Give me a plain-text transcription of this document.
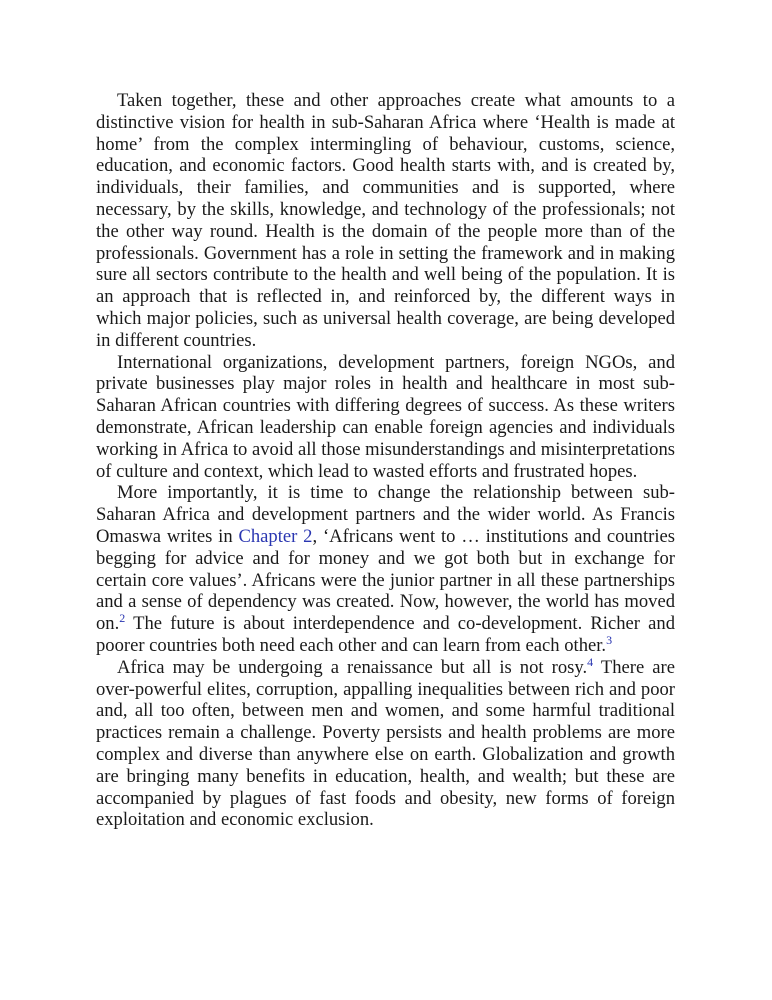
Taken together, these and other approaches create what amounts to a distinctive vision for health in sub-Saharan Africa where ‘Health is made at home’ from the complex intermingling of behaviour, customs, science, education, and economic factors. Good health starts with, and is created by, individuals, their families, and communities and is supported, where necessary, by the skills, knowledge, and technology of the professionals; not the other way round. Health is the domain of the people more than of the professionals. Government has a role in setting the framework and in making sure all sectors contribute to the health and well being of the population. It is an approach that is reflected in, and reinforced by, the different ways in which major policies, such as universal health coverage, are being developed in different countries.

International organizations, development partners, foreign NGOs, and private businesses play major roles in health and healthcare in most sub-Saharan African countries with differing degrees of success. As these writers demonstrate, African leadership can enable foreign agencies and individuals working in Africa to avoid all those misunderstandings and misinterpretations of culture and context, which lead to wasted efforts and frustrated hopes.

More importantly, it is time to change the relationship between sub-Saharan Africa and development partners and the wider world. As Francis Omaswa writes in Chapter 2, ‘Africans went to … institutions and countries begging for advice and for money and we got both but in exchange for certain core values’. Africans were the junior partner in all these partnerships and a sense of dependency was created. Now, however, the world has moved on.$^2$ The future is about interdependence and co-development. Richer and poorer countries both need each other and can learn from each other.$^3$

Africa may be undergoing a renaissance but all is not rosy.$^4$ There are over-powerful elites, corruption, appalling inequalities between rich and poor and, all too often, between men and women, and some harmful traditional practices remain a challenge. Poverty persists and health problems are more complex and diverse than anywhere else on earth. Globalization and growth are bringing many benefits in education, health, and wealth; but these are accompanied by plagues of fast foods and obesity, new forms of foreign exploitation and economic exclusion.
